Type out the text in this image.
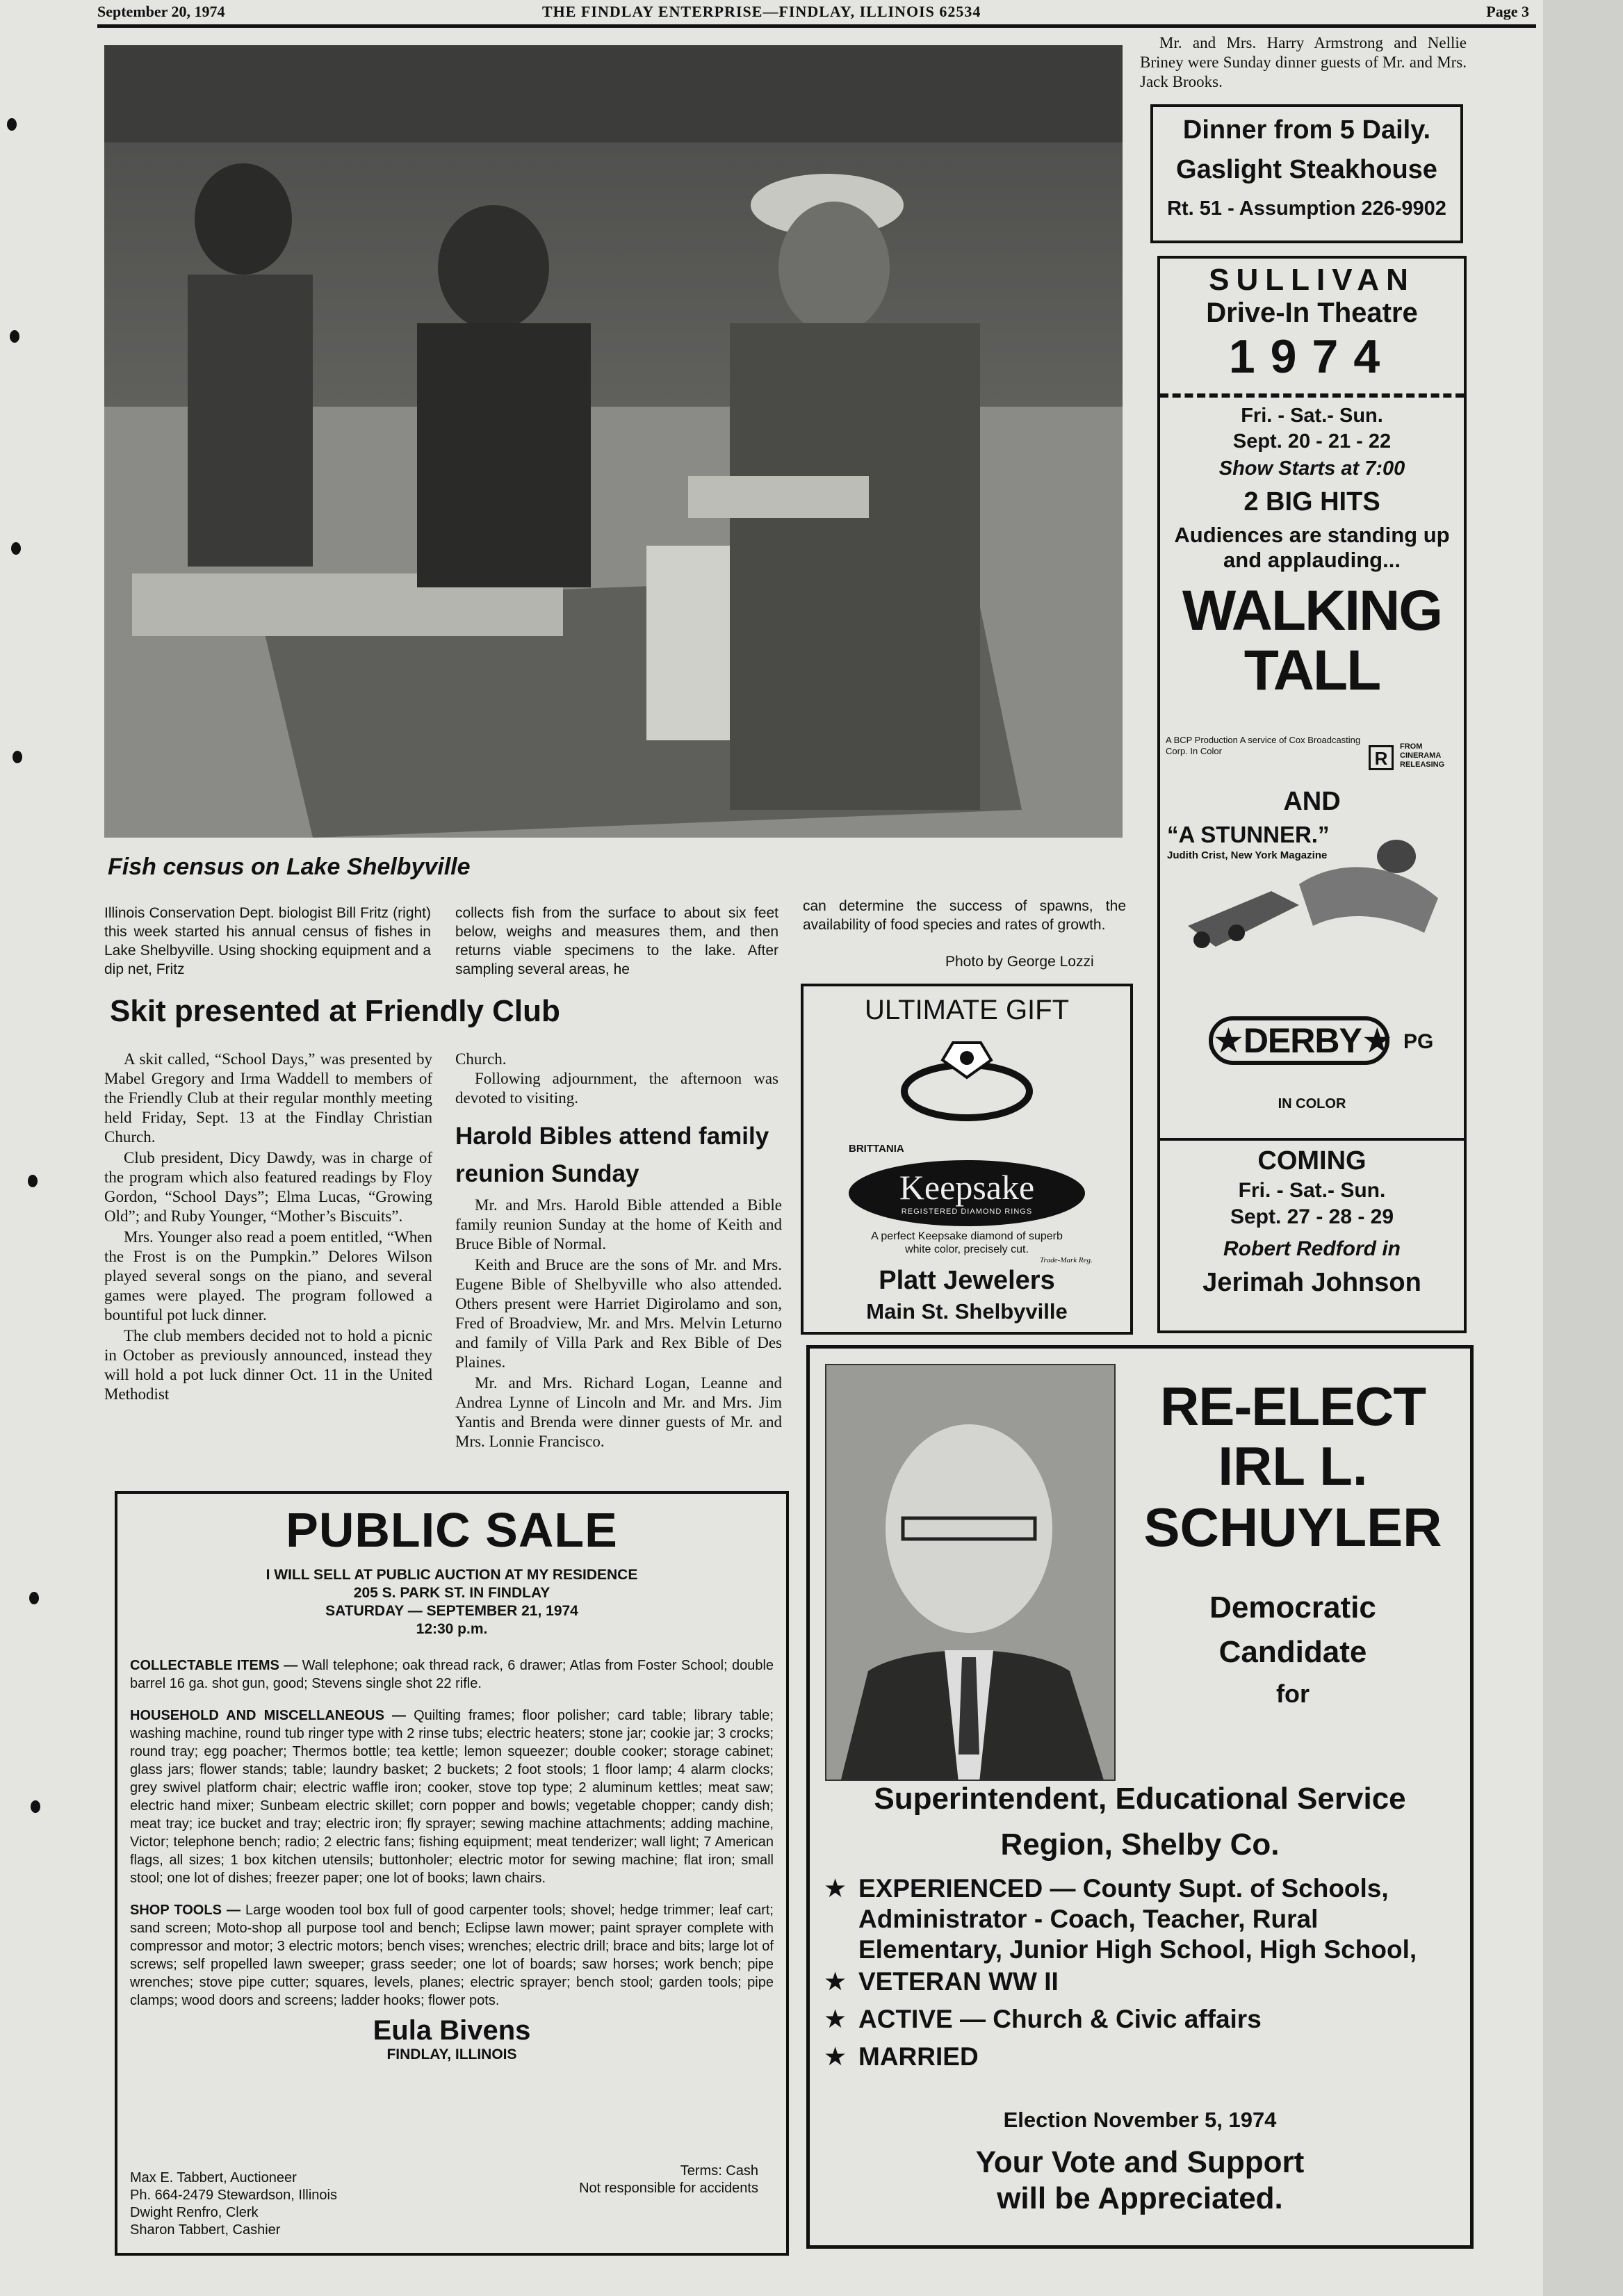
September 20, 1974	THE FINDLAY ENTERPRISE—FINDLAY, ILLINOIS 62534	Page 3
Fish census on Lake Shelbyville
Illinois Conservation Dept. biologist Bill Fritz (right) this week started his annual census of fishes in Lake Shelbyville. Using shocking equipment and a dip net, Fritz
collects fish from the surface to about six feet below, weighs and measures them, and then returns viable specimens to the lake. After sampling several areas, he
can determine the success of spawns, the availability of food species and rates of growth.
Photo by George Lozzi
Mr. and Mrs. Harry Armstrong and Nellie Briney were Sunday dinner guests of Mr. and Mrs. Jack Brooks.
Dinner from 5 Daily.
Gaslight Steakhouse
Rt. 51 - Assumption 226-9902
SULLIVAN
Drive-In Theatre
1974
Fri. - Sat.- Sun.
Sept. 20 - 21 - 22
Show Starts at 7:00
2 BIG HITS
Audiences are standing up and applauding...
WALKING
TALL
A BCP Production A service of Cox Broadcasting Corp. In Color	R
FROM CINERAMA RELEASING
AND
“A STUNNER.”
Judith Crist, New York Magazine
★DERBY★ PG
IN COLOR
COMING
Fri. - Sat.- Sun.
Sept. 27 - 28 - 29
Robert Redford in
Jerimah Johnson
Skit presented at Friendly Club

A skit called, “School Days,” was presented by Mabel Gregory and Irma Waddell to members of the Friendly Club at their regular monthly meeting held Friday, Sept. 13 at the Findlay Christian Church.

Club president, Dicy Dawdy, was in charge of the program which also featured readings by Floy Gordon, “School Days”; Elma Lucas, “Growing Old”; and Ruby Younger, “Mother’s Biscuits”.

Mrs. Younger also read a poem entitled, “When the Frost is on the Pumpkin.” Delores Wilson played several songs on the piano, and several games were played. The program followed a bountiful pot luck dinner.

The club members decided not to hold a picnic in October as previously announced, instead they will hold a pot luck dinner Oct. 11 in the United Methodist

Church.

Following adjournment, the afternoon was devoted to visiting.

Harold Bibles attend family reunion Sunday

Mr. and Mrs. Harold Bible attended a Bible family reunion Sunday at the home of Keith and Bruce Bible of Normal.

Keith and Bruce are the sons of Mr. and Mrs. Eugene Bible of Shelbyville who also attended. Others present were Harriet Digirolamo and son, Fred of Broadview, Mr. and Mrs. Melvin Leturno and family of Villa Park and Rex Bible of Des Plaines.

Mr. and Mrs. Richard Logan, Leanne and Andrea Lynne of Lincoln and Mr. and Mrs. Jim Yantis and Brenda were dinner guests of Mr. and Mrs. Lonnie Francisco.

ULTIMATE GIFT
BRITTANIA
Keepsake
REGISTERED DIAMOND RINGS
A perfect Keepsake diamond of superb white color, precisely cut.
Trade-Mark Reg.
Platt Jewelers
Main St. Shelbyville
PUBLIC SALE
I WILL SELL AT PUBLIC AUCTION AT MY RESIDENCE
205 S. PARK ST. IN FINDLAY
SATURDAY — SEPTEMBER 21, 1974
12:30 p.m.
COLLECTABLE ITEMS — Wall telephone; oak thread rack, 6 drawer; Atlas from Foster School; double barrel 16 ga. shot gun, good; Stevens single shot 22 rifle.
HOUSEHOLD AND MISCELLANEOUS — Quilting frames; floor polisher; card table; library table; washing machine, round tub ringer type with 2 rinse tubs; electric heaters; stone jar; cookie jar; 3 crocks; round tray; egg poacher; Thermos bottle; tea kettle; lemon squeezer; double cooker; storage cabinet; glass jars; flower stands; table; laundry basket; 2 buckets; 2 foot stools; 1 floor lamp; 4 alarm clocks; grey swivel platform chair; electric waffle iron; cooker, stove top type; 2 aluminum kettles; meat saw; electric hand mixer; Sunbeam electric skillet; corn popper and bowls; vegetable chopper; candy dish; meat tray; ice bucket and tray; electric iron; fly sprayer; sewing machine attachments; adding machine, Victor; telephone bench; radio; 2 electric fans; fishing equipment; meat tenderizer; wall light; 7 American flags, all sizes; 1 box kitchen utensils; buttonholer; electric motor for sewing machine; flat iron; small stool; one lot of dishes; freezer paper; one lot of books; lawn chairs.
SHOP TOOLS — Large wooden tool box full of good carpenter tools; shovel; hedge trimmer; leaf cart; sand screen; Moto-shop all purpose tool and bench; Eclipse lawn mower; paint sprayer complete with compressor and motor; 3 electric motors; bench vises; wrenches; electric drill; brace and bits; large lot of screws; self propelled lawn sweeper; grass seeder; one lot of boards; saw horses; work bench; pipe wrenches; stove pipe cutter; squares, levels, planes; electric sprayer; bench stool; garden tools; pipe clamps; wood doors and screens; ladder hooks; flower pots.
Eula Bivens
FINDLAY, ILLINOIS
Max E. Tabbert, Auctioneer
Ph. 664-2479 Stewardson, Illinois
Dwight Renfro, Clerk
Sharon Tabbert, Cashier
Terms: Cash
Not responsible for accidents
RE-ELECT
IRL L.
SCHUYLER
Democratic
Candidate
for
Superintendent, Educational Service
Region, Shelby Co.
★ EXPERIENCED — County Supt. of Schools, Administrator - Coach, Teacher, Rural Elementary, Junior High School, High School,
★ VETERAN WW II
★ ACTIVE — Church & Civic affairs
★ MARRIED
Election November 5, 1974
Your Vote and Support
will be Appreciated.
